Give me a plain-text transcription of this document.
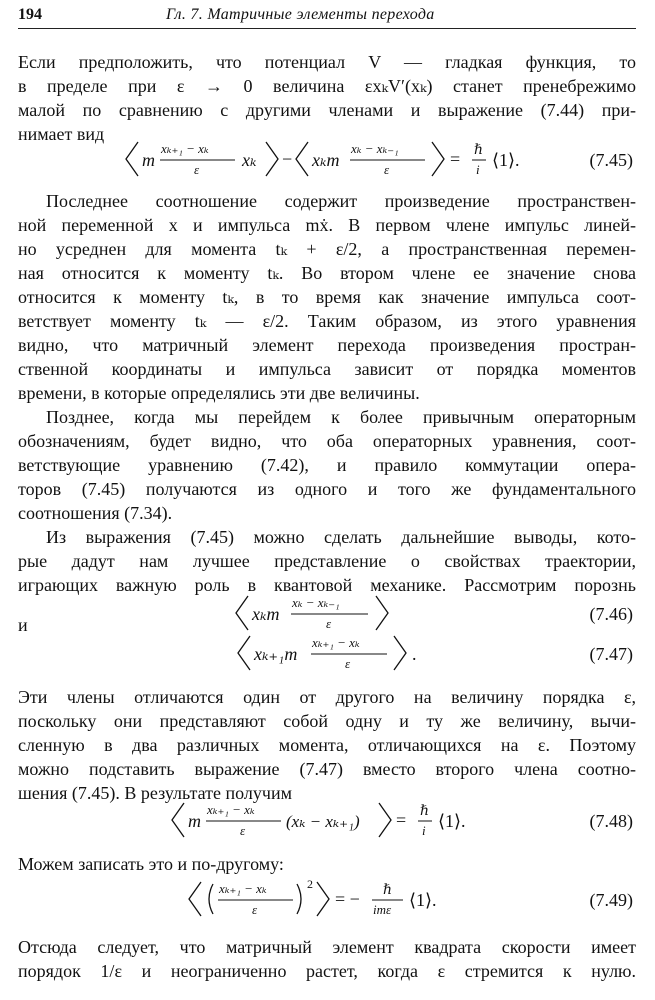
194	Гл. 7. Матричные элементы перехода
Если предположить, что потенциал V — гладкая функция, то
в пределе при ε → 0 величина εxₖV′(xₖ) станет пренебрежимо
малой по сравнению с другими членами и выражение (7.44) при-
нимает вид
m
xₖ₊₁ − xₖ
ε xₖ − xₖm
xₖ − xₖ₋₁
ε
= ℏ
i ⟨1⟩.	(7.45)
Последнее соотношение содержит произведение пространствен-
ной переменной x и импульса mẋ. В первом члене импульс линей-
но усреднен для момента tₖ + ε/2, а пространственная перемен-
ная относится к моменту tₖ. Во втором члене ее значение снова
относится к моменту tₖ, в то время как значение импульса соот-
ветствует моменту tₖ — ε/2. Таким образом, из этого уравнения
видно, что матричный элемент перехода произведения простран-
ственной координаты и импульса зависит от порядка моментов
времени, в которые определялись эти две величины.
Позднее, когда мы перейдем к более привычным операторным
обозначениям, будет видно, что оба операторных уравнения, соот-
ветствующие уравнению (7.42), и правило коммутации опера-
торов (7.45) получаются из одного и того же фундаментального
соотношения (7.34).
Из выражения (7.45) можно сделать дальнейшие выводы, кото-
рые дадут нам лучшее представление о свойствах траектории,
играющих важную роль в квантовой механике. Рассмотрим порознь
xₖm
xₖ − xₖ₋₁
ε	(7.46)
и
xₖ₊₁m
xₖ₊₁ − xₖ
ε	.	(7.47)
Эти члены отличаются один от другого на величину порядка ε,
поскольку они представляют собой одну и ту же величину, вычи-
сленную в два различных момента, отличающихся на ε. Поэтому
можно подставить выражение (7.47) вместо второго члена соотно-
шения (7.45). В результате получим
m
xₖ₊₁ − xₖ
ε (xₖ − xₖ₊₁) = ℏ
i ⟨1⟩.	(7.48)
Можем записать это и по-другому:
xₖ₊₁ − xₖ
ε
2
= − ℏ
imε ⟨1⟩.	(7.49)
Отсюда следует, что матричный элемент квадрата скорости имеет
порядок 1/ε и неограниченно растет, когда ε стремится к нулю.
